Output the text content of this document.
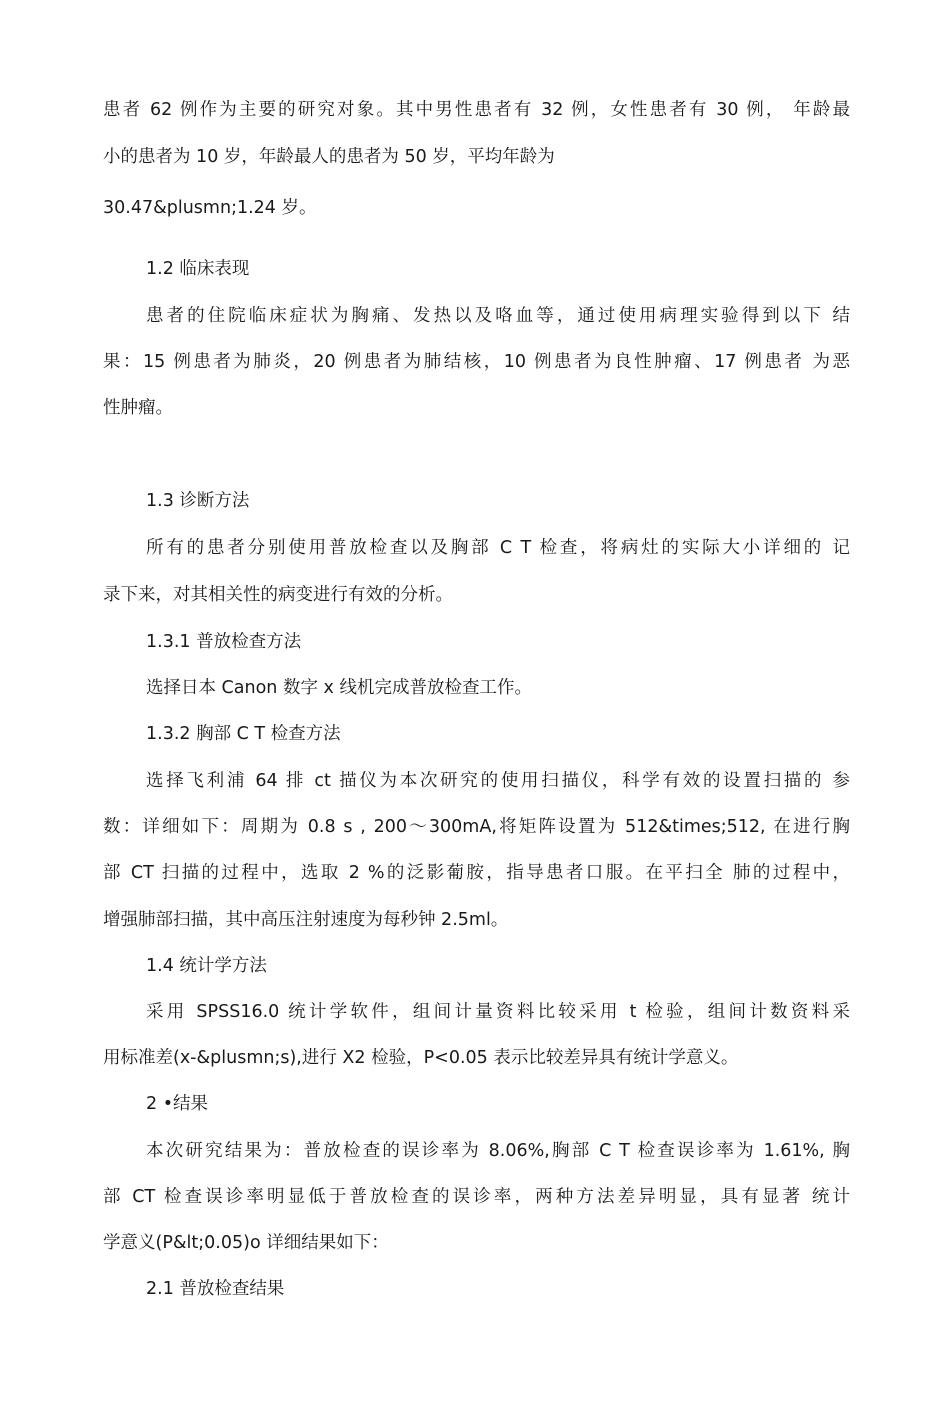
患者 62 例作为主要的研究对象。其中男性患者有 32 例，女性患者有 30 例， 年龄最
小的患者为 10 岁，年龄最人的患者为 50 岁，平均年龄为
30.47&plusmn;1.24 岁。
1.2 临床表现
患者的住院临床症状为胸痛、发热以及咯血等，通过使用病理实验得到以下 结
果：15 例患者为肺炎，20 例患者为肺结核，10 例患者为良性肿瘤、17 例患者 为恶
性肿瘤。
1.3 诊断方法
所有的患者分别使用普放检查以及胸部 C T 检查，将病灶的实际大小详细的 记
录下来，对其相关性的病变进行有效的分析。
1.3.1 普放检查方法
选择日本 Canon 数字 x 线机完成普放检查工作。
1.3.2 胸部 C T 检查方法
选择飞利浦 64 排 ct 描仪为本次研究的使用扫描仪，科学有效的设置扫描的 参
数：详细如下：周期为 0.8 s , 200〜300mA,将矩阵设置为 512&times;512, 在进行胸
部 CT 扫描的过程中，选取 2 %的泛影葡胺，指导患者口服。在平扫全 肺的过程中，
增强肺部扫描，其中高压注射速度为每秒钟 2.5ml。
1.4 统计学方法
采用 SPSS16.0 统计学软件，组间计量资料比较采用 t 检验，组间计数资料采
用标准差(x-&plusmn;s),进行 X2 检验，P<0.05 表示比较差异具有统计学意义。
2 •结果
本次研究结果为：普放检查的误诊率为 8.06%,胸部 C T 检查误诊率为 1.61%, 胸
部 CT 检查误诊率明显低于普放检查的误诊率，两种方法差异明显，具有显著 统计
学意义(P&lt;0.05)o 详细结果如下：
2.1 普放检查结果
